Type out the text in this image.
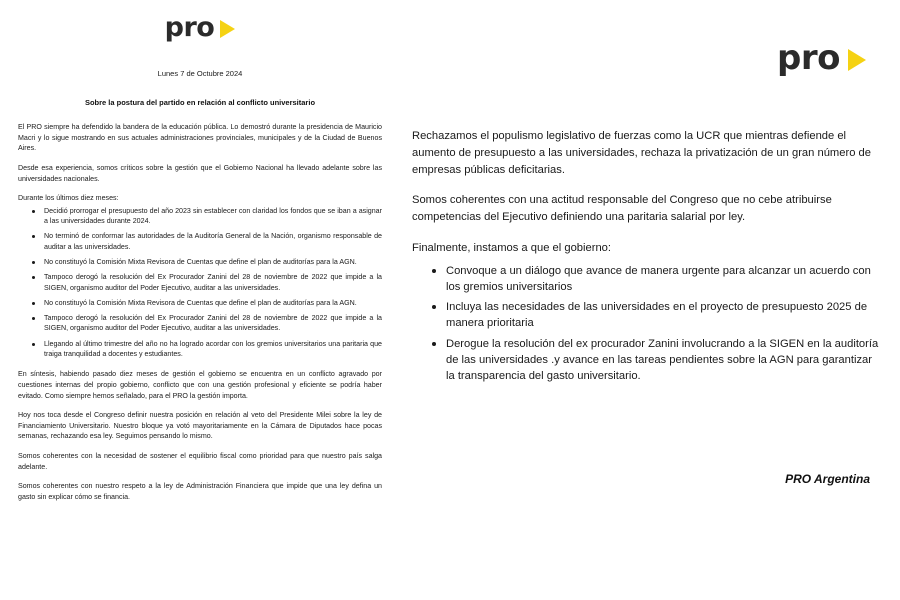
pro
Lunes 7 de Octubre 2024
Sobre la postura del partido en relación al conflicto universitario

El PRO siempre ha defendido la bandera de la educación pública. Lo demostró durante la presidencia de Mauricio Macri y lo sigue mostrando en sus actuales administraciones provinciales, municipales y de la Ciudad de Buenos Aires.

Desde esa experiencia, somos críticos sobre la gestión que el Gobierno Nacional ha llevado adelante sobre las universidades nacionales.

Durante los últimos diez meses:

Decidió prorrogar el presupuesto del año 2023 sin establecer con claridad los fondos que se iban a asignar a las universidades durante 2024.
No terminó de conformar las autoridades de la Auditoría General de la Nación, organismo responsable de auditar a las universidades.
No constituyó la Comisión Mixta Revisora de Cuentas que define el plan de auditorías para la AGN.
Tampoco derogó la resolución del Ex Procurador Zanini del 28 de noviembre de 2022 que impide a la SIGEN, organismo auditor del Poder Ejecutivo, auditar a las universidades.
No constituyó la Comisión Mixta Revisora de Cuentas que define el plan de auditorías para la AGN.
Tampoco derogó la resolución del Ex Procurador Zanini del 28 de noviembre de 2022 que impide a la SIGEN, organismo auditor del Poder Ejecutivo, auditar a las universidades.
Llegando al último trimestre del año no ha logrado acordar con los gremios universitarios una paritaria que traiga tranquilidad a docentes y estudiantes.

En síntesis, habiendo pasado diez meses de gestión el gobierno se encuentra en un conflicto agravado por cuestiones internas del propio gobierno, conflicto que con una gestión profesional y eficiente se podría haber evitado. Como siempre hemos señalado, para el PRO la gestión importa.

Hoy nos toca desde el Congreso definir nuestra posición en relación al veto del Presidente Milei sobre la ley de Financiamiento Universitario. Nuestro bloque ya votó mayoritariamente en la Cámara de Diputados hace pocas semanas, rechazando esa ley. Seguimos pensando lo mismo.

Somos coherentes con la necesidad de sostener el equilibrio fiscal como prioridad para que nuestro país salga adelante.

Somos coherentes con nuestro respeto a la ley de Administración Financiera que impide que una ley defina un gasto sin explicar cómo se financia.

pro

Rechazamos el populismo legislativo de fuerzas como la UCR que mientras defiende el aumento de presupuesto a las universidades, rechaza la privatización de un gran número de empresas públicas deficitarias.

Somos coherentes con una actitud responsable del Congreso que no cebe atribuirse competencias del Ejecutivo definiendo una paritaria salarial por ley.

Finalmente, instamos a que el gobierno:

Convoque a un diálogo que avance de manera urgente para alcanzar un acuerdo con los gremios universitarios
Incluya las necesidades de las universidades en el proyecto de presupuesto 2025 de manera prioritaria
Derogue la resolución del ex procurador Zanini involucrando a la SIGEN en la auditoría de las universidades .y avance en las tareas pendientes sobre la AGN para garantizar la transparencia del gasto universitario.
PRO Argentina
